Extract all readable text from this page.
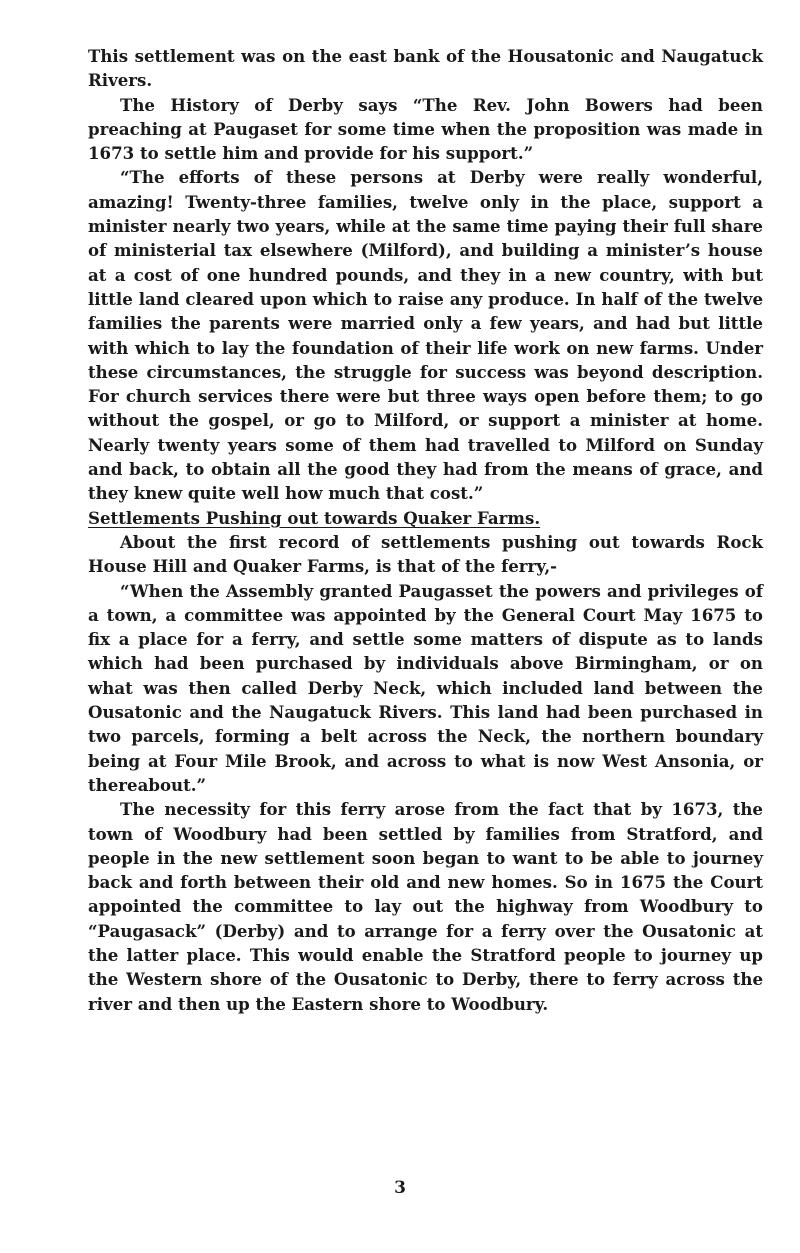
This settlement was on the east bank of the Housatonic and Naugatuck Rivers.

The History of Derby says “The Rev. John Bowers had been preaching at Paugaset for some time when the proposition was made in 1673 to settle him and provide for his support.”

“The efforts of these persons at Derby were really wonderful, amazing! Twenty-three families, twelve only in the place, support a minister nearly two years, while at the same time paying their full share of ministerial tax elsewhere (Milford), and building a minister’s house at a cost of one hundred pounds, and they in a new country, with but little land cleared upon which to raise any produce. In half of the twelve families the parents were married only a few years, and had but little with which to lay the foundation of their life work on new farms. Under these circumstances, the struggle for success was beyond description. For church services there were but three ways open before them; to go without the gospel, or go to Milford, or support a minister at home. Nearly twenty years some of them had travelled to Milford on Sunday and back, to obtain all the good they had from the means of grace, and they knew quite well how much that cost.”

Settlements Pushing out towards Quaker Farms.

About the first record of settlements pushing out towards Rock House Hill and Quaker Farms, is that of the ferry,-

“When the Assembly granted Paugasset the powers and privileges of a town, a committee was appointed by the General Court May 1675 to fix a place for a ferry, and settle some matters of dispute as to lands which had been purchased by individuals above Birmingham, or on what was then called Derby Neck, which included land between the Ousatonic and the Naugatuck Rivers. This land had been purchased in two parcels, forming a belt across the Neck, the northern boundary being at Four Mile Brook, and across to what is now West Ansonia, or thereabout.”

The necessity for this ferry arose from the fact that by 1673, the town of Woodbury had been settled by families from Stratford, and people in the new settlement soon began to want to be able to journey back and forth between their old and new homes. So in 1675 the Court appointed the committee to lay out the highway from Woodbury to “Paugasack” (Derby) and to arrange for a ferry over the Ousatonic at the latter place. This would enable the Stratford people to journey up the Western shore of the Ousatonic to Derby, there to ferry across the river and then up the Eastern shore to Woodbury.

3
